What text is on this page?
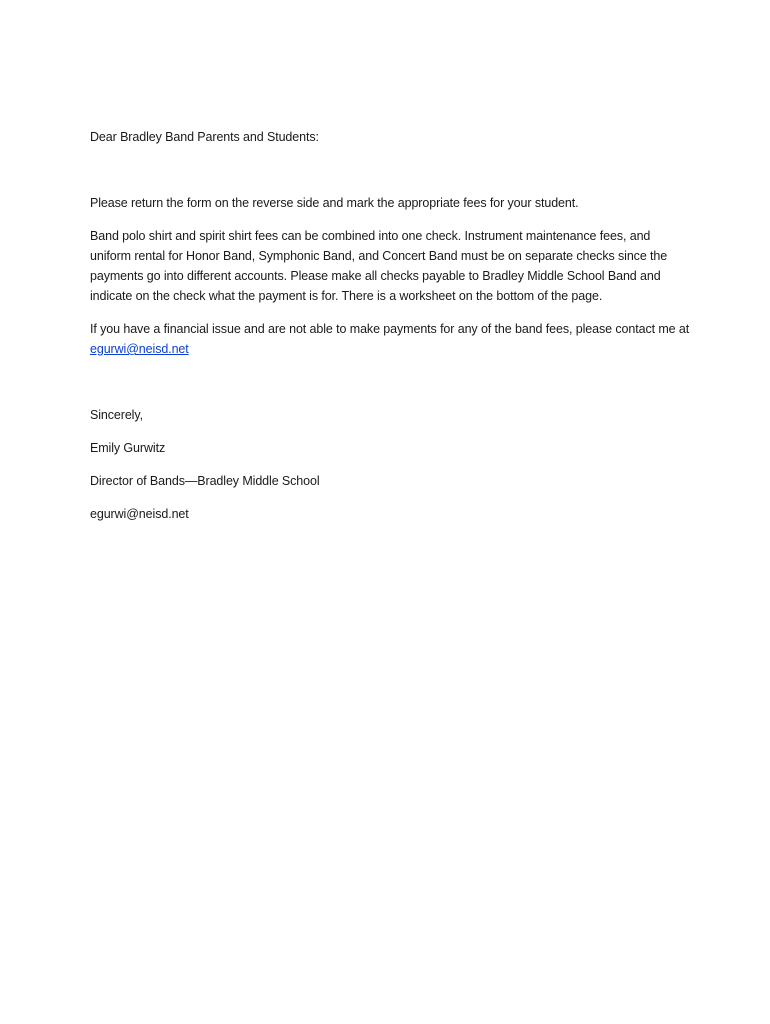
Dear Bradley Band Parents and Students:

Please return the form on the reverse side and mark the appropriate fees for your student.

Band polo shirt and spirit shirt fees can be combined into one check. Instrument maintenance fees, and uniform rental for Honor Band, Symphonic Band, and Concert Band must be on separate checks since the payments go into different accounts. Please make all checks payable to Bradley Middle School Band and indicate on the check what the payment is for. There is a worksheet on the bottom of the page.

If you have a financial issue and are not able to make payments for any of the band fees, please contact me at egurwi@neisd.net

Sincerely,

Emily Gurwitz

Director of Bands—Bradley Middle School

egurwi@neisd.net
